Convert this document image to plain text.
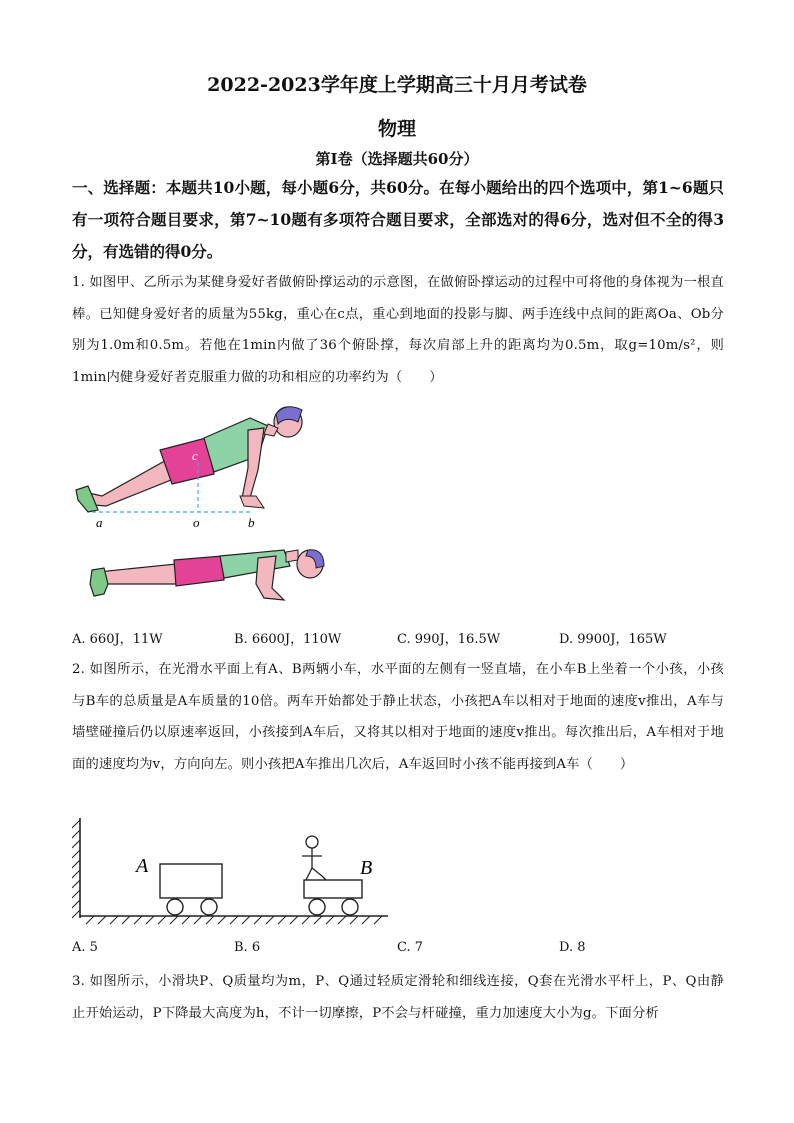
2022-2023学年度上学期高三十月月考试卷
物理
第Ⅰ卷（选择题共60分）
一、选择题：本题共10小题，每小题6分，共60分。在每小题给出的四个选项中，第1~6题只有一项符合题目要求，第7~10题有多项符合题目要求，全部选对的得6分，选对但不全的得3分，有选错的得0分。
1. 如图甲、乙所示为某健身爱好者做俯卧撑运动的示意图，在做俯卧撑运动的过程中可将他的身体视为一根直棒。已知健身爱好者的质量为55kg，重心在c点，重心到地面的投影与脚、两手连线中点间的距离Oa、Ob分别为1.0m和0.5m。若他在1min内做了36个俯卧撑，每次肩部上升的距离均为0.5m，取g=10m/s²，则1min内健身爱好者克服重力做的功和相应的功率约为（　　）
c
a	o	b
A. 660J，11W	B. 6600J，110W	C. 990J，16.5W	D. 9900J，165W
2. 如图所示，在光滑水平面上有A、B两辆小车，水平面的左侧有一竖直墙，在小车B上坐着一个小孩，小孩与B车的总质量是A车质量的10倍。两车开始都处于静止状态，小孩把A车以相对于地面的速度v推出，A车与墙壁碰撞后仍以原速率返回，小孩接到A车后，又将其以相对于地面的速度v推出。每次推出后，A车相对于地面的速度均为v，方向向左。则小孩把A车推出几次后，A车返回时小孩不能再接到A车（　　）
A	B
A. 5	B. 6	C. 7	D. 8
3. 如图所示，小滑块P、Q质量均为m，P、Q通过轻质定滑轮和细线连接，Q套在光滑水平杆上，P、Q由静止开始运动，P下降最大高度为h，不计一切摩擦，P不会与杆碰撞，重力加速度大小为g。下面分析
